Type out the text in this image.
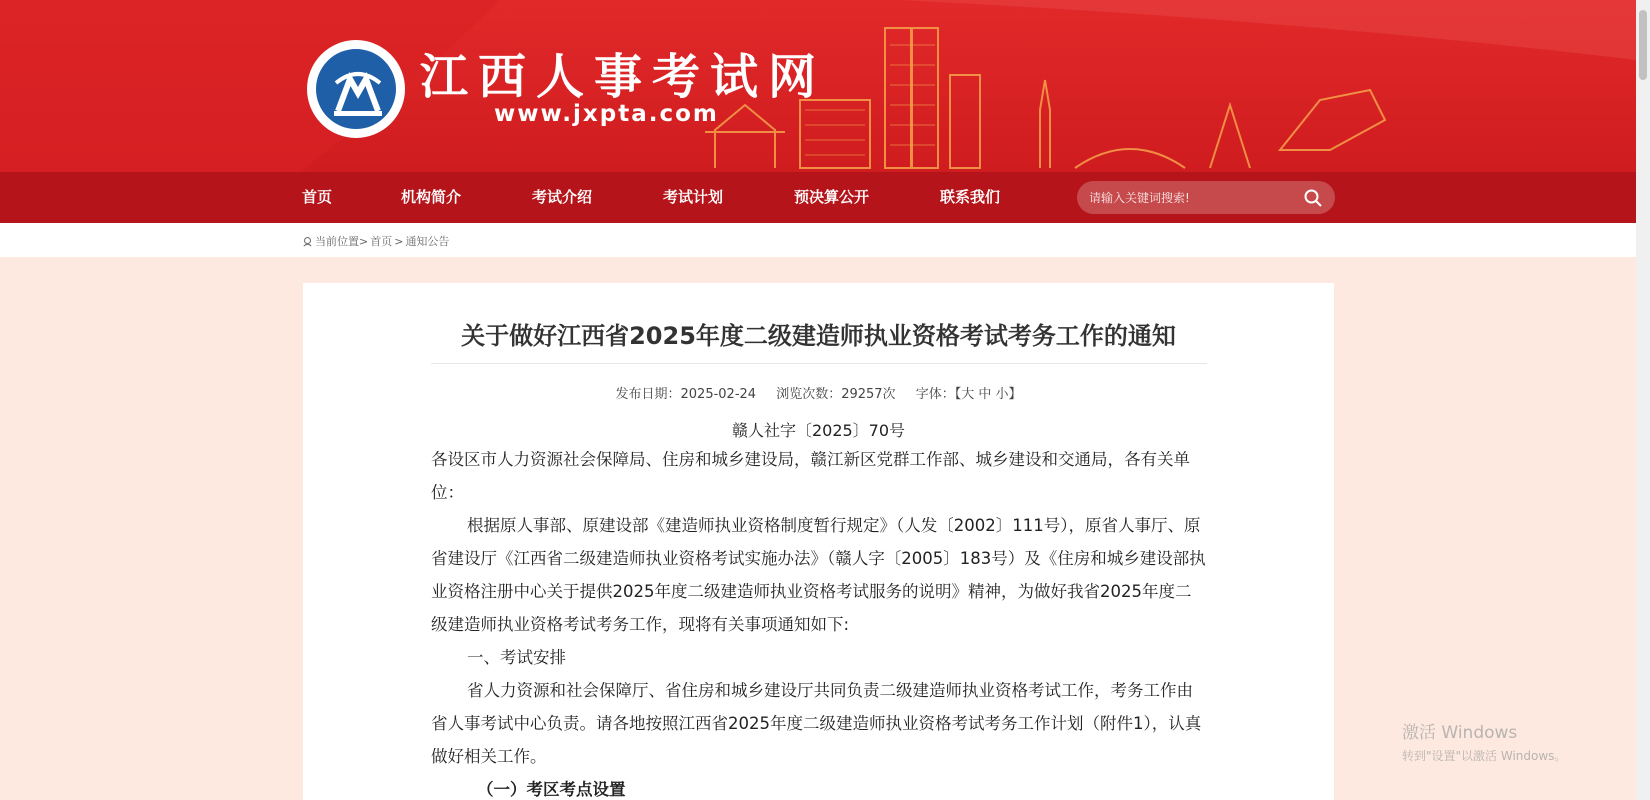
江西人事考试网
www.jxpta.com
首页	机构简介	考试介绍	考试计划	预决算公开	联系我们
请输入关键词搜索!
当前位置> 首页 > 通知公告
关于做好江西省2025年度二级建造师执业资格考试考务工作的通知
发布日期：2025-02-24 浏览次数：29257次 字体：【大 中 小】
赣人社字〔2025〕70号

各设区市人力资源社会保障局、住房和城乡建设局，赣江新区党群工作部、城乡建设和交通局，各有关单位：

根据原人事部、原建设部《建造师执业资格制度暂行规定》（人发〔2002〕111号），原省人事厅、原省建设厅《江西省二级建造师执业资格考试实施办法》（赣人字〔2005〕183号）及《住房和城乡建设部执业资格注册中心关于提供2025年度二级建造师执业资格考试服务的说明》精神，为做好我省2025年度二级建造师执业资格考试考务工作，现将有关事项通知如下:

一、考试安排

省人力资源和社会保障厅、省住房和城乡建设厅共同负责二级建造师执业资格考试工作，考务工作由省人事考试中心负责。请各地按照江西省2025年度二级建造师执业资格考试考务工作计划（附件1），认真做好相关工作。

（一）考区考点设置

激活 Windows
转到"设置"以激活 Windows。
